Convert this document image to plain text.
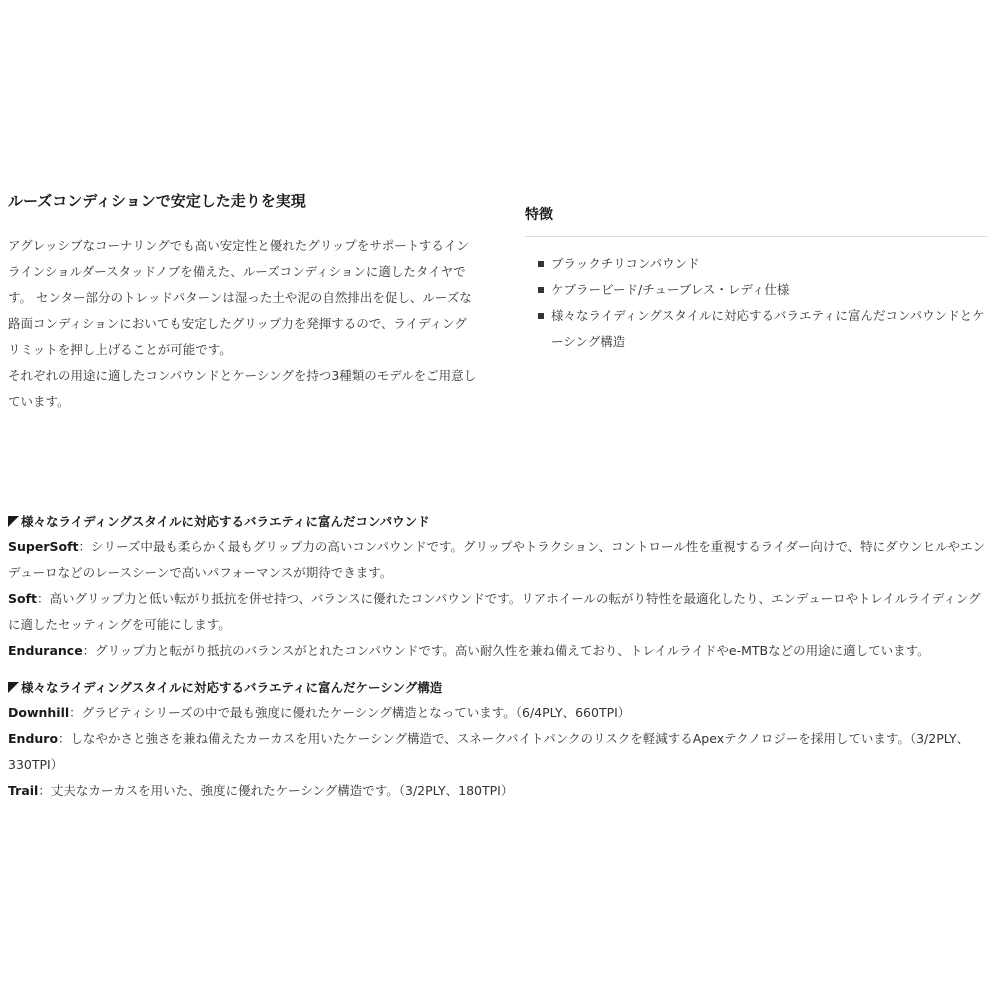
ルーズコンディションで安定した走りを実現

アグレッシブなコーナリングでも高い安定性と優れたグリップをサポートするインラインショルダースタッドノブを備えた、ルーズコンディションに適したタイヤです。 センター部分のトレッドパターンは湿った土や泥の自然排出を促し、ルーズな路面コンディションにおいても安定したグリップ力を発揮するので、ライディングリミットを押し上げることが可能です。

それぞれの用途に適したコンパウンドとケーシングを持つ3種類のモデルをご用意しています。

特徴
ブラックチリコンパウンド
ケブラービード/チューブレス・レディ仕様
様々なライディングスタイルに対応するバラエティに富んだコンパウンドとケーシング構造
様々なライディングスタイルに対応するバラエティに富んだコンパウンド

SuperSoft：シリーズ中最も柔らかく最もグリップ力の高いコンパウンドです。グリップやトラクション、コントロール性を重視するライダー向けで、特にダウンヒルやエンデューロなどのレースシーンで高いパフォーマンスが期待できます。

Soft：高いグリップ力と低い転がり抵抗を併せ持つ、バランスに優れたコンパウンドです。リアホイールの転がり特性を最適化したり、エンデューロやトレイルライディングに適したセッティングを可能にします。

Endurance：グリップ力と転がり抵抗のバランスがとれたコンパウンドです。高い耐久性を兼ね備えており、トレイルライドやe-MTBなどの用途に適しています。

様々なライディングスタイルに対応するバラエティに富んだケーシング構造

Downhill：グラビティシリーズの中で最も強度に優れたケーシング構造となっています。（6/4PLY、660TPI）

Enduro：しなやかさと強さを兼ね備えたカーカスを用いたケーシング構造で、スネークバイトパンクのリスクを軽減するApexテクノロジーを採用しています。（3/2PLY、330TPI）

Trail：丈夫なカーカスを用いた、強度に優れたケーシング構造です。（3/2PLY、180TPI）
